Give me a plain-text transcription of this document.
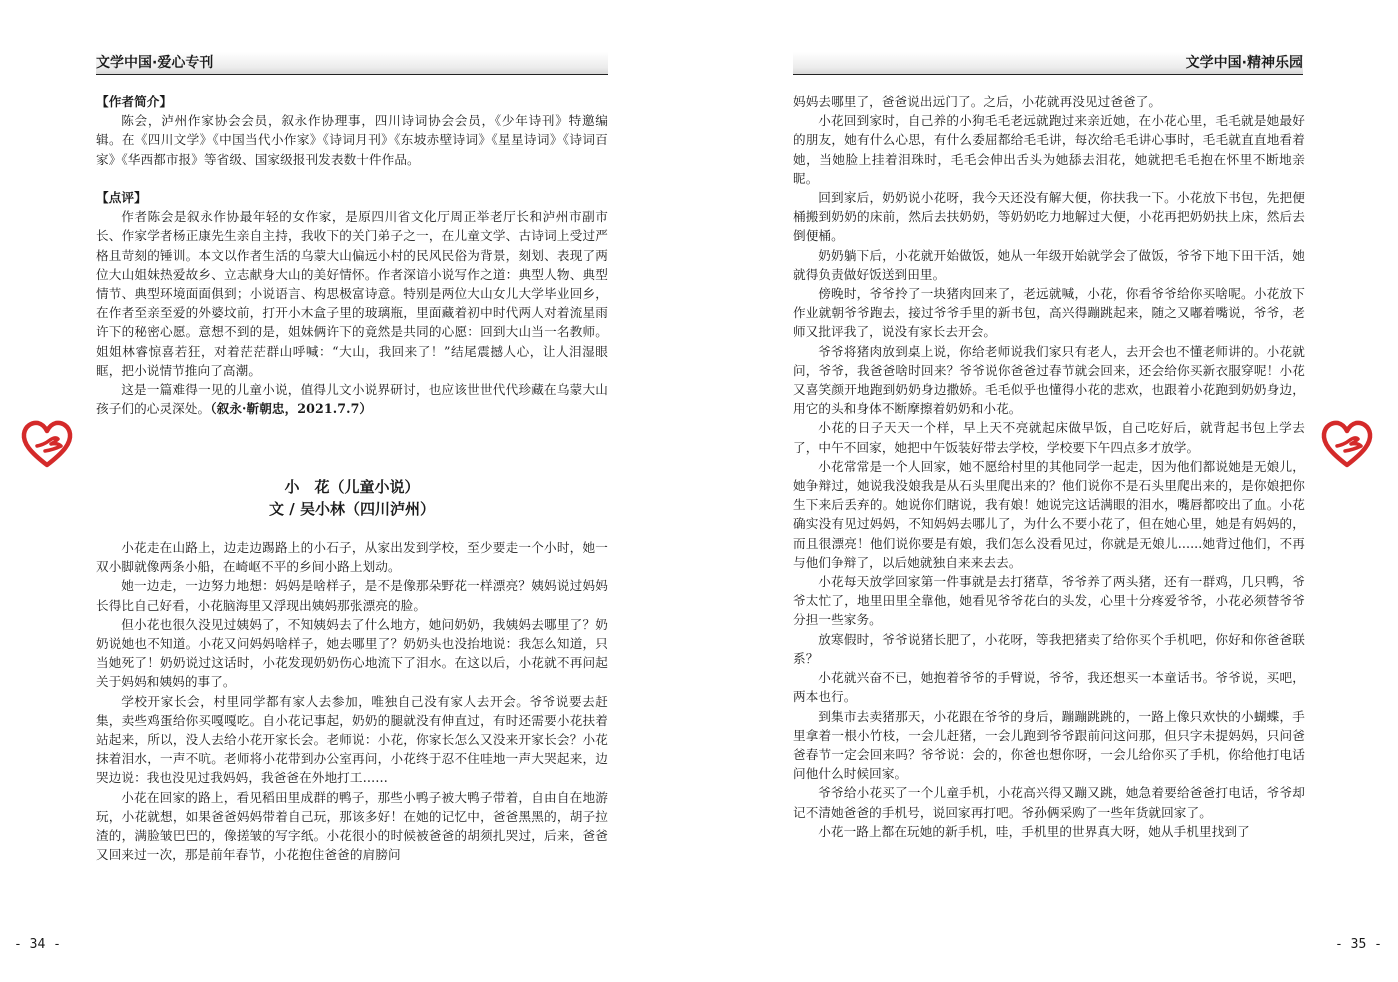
文学中国·爱心专刊

【作者简介】

陈会，泸州作家协会会员，叙永作协理事，四川诗词协会会员，《少年诗刊》特邀编辑。在《四川文学》《中国当代小作家》《诗词月刊》《东坡赤壁诗词》《星星诗词》《诗词百家》《华西都市报》等省级、国家级报刊发表数十件作品。

【点评】

作者陈会是叙永作协最年轻的女作家，是原四川省文化厅周正举老厅长和泸州市副市长、作家学者杨正康先生亲自主持，我收下的关门弟子之一，在儿童文学、古诗词上受过严格且苛刻的锤训。本文以作者生活的乌蒙大山偏远小村的民风民俗为背景，刻划、表现了两位大山姐妹热爱故乡、立志献身大山的美好情怀。作者深谙小说写作之道：典型人物、典型情节、典型环境面面俱到；小说语言、构思极富诗意。特别是两位大山女儿大学毕业回乡，在作者至亲至爱的外婆坟前，打开小木盒子里的玻璃瓶，里面藏着初中时代两人对着流星雨许下的秘密心愿。意想不到的是，姐妹俩许下的竟然是共同的心愿：回到大山当一名教师。姐姐林睿惊喜若狂，对着茫茫群山呼喊：“大山，我回来了！”结尾震撼人心，让人泪湿眼眶，把小说情节推向了高潮。

这是一篇难得一见的儿童小说，值得儿文小说界研讨，也应该世世代代珍藏在乌蒙大山孩子们的心灵深处。（叙永·靳朝忠，2021.7.7）

小　花（儿童小说）
文 / 吴小林（四川泸州）

小花走在山路上，边走边踢路上的小石子，从家出发到学校，至少要走一个小时，她一双小脚就像两条小船，在崎岖不平的乡间小路上划动。

她一边走，一边努力地想：妈妈是啥样子，是不是像那朵野花一样漂亮？姨妈说过妈妈长得比自己好看，小花脑海里又浮现出姨妈那张漂亮的脸。

但小花也很久没见过姨妈了，不知姨妈去了什么地方，她问奶奶，我姨妈去哪里了？奶奶说她也不知道。小花又问妈妈啥样子，她去哪里了？奶奶头也没抬地说：我怎么知道，只当她死了！奶奶说过这话时，小花发现奶奶伤心地流下了泪水。在这以后，小花就不再问起关于妈妈和姨妈的事了。

学校开家长会，村里同学都有家人去参加，唯独自己没有家人去开会。爷爷说要去赶集，卖些鸡蛋给你买嘎嘎吃。自小花记事起，奶奶的腿就没有伸直过，有时还需要小花扶着站起来，所以，没人去给小花开家长会。老师说：小花，你家长怎么又没来开家长会？小花抹着泪水，一声不吭。老师将小花带到办公室再问，小花终于忍不住哇地一声大哭起来，边哭边说：我也没见过我妈妈，我爸爸在外地打工……

小花在回家的路上，看见稻田里成群的鸭子，那些小鸭子被大鸭子带着，自由自在地游玩，小花就想，如果爸爸妈妈带着自己玩，那该多好！在她的记忆中，爸爸黑黑的，胡子拉渣的，满脸皱巴巴的，像搓皱的写字纸。小花很小的时候被爸爸的胡须扎哭过，后来，爸爸又回来过一次，那是前年春节，小花抱住爸爸的肩膀问

- 34 -
文学中国·精神乐园

妈妈去哪里了，爸爸说出远门了。之后，小花就再没见过爸爸了。

小花回到家时，自己养的小狗毛毛老远就跑过来亲近她，在小花心里，毛毛就是她最好的朋友，她有什么心思，有什么委屈都给毛毛讲，每次给毛毛讲心事时，毛毛就直直地看着她，当她脸上挂着泪珠时，毛毛会伸出舌头为她舔去泪花，她就把毛毛抱在怀里不断地亲昵。

回到家后，奶奶说小花呀，我今天还没有解大便，你扶我一下。小花放下书包，先把便桶搬到奶奶的床前，然后去扶奶奶，等奶奶吃力地解过大便，小花再把奶奶扶上床，然后去倒便桶。

奶奶躺下后，小花就开始做饭，她从一年级开始就学会了做饭，爷爷下地下田干活，她就得负责做好饭送到田里。

傍晚时，爷爷拎了一块猪肉回来了，老远就喊，小花，你看爷爷给你买啥呢。小花放下作业就朝爷爷跑去，接过爷爷手里的新书包，高兴得蹦跳起来，随之又嘟着嘴说，爷爷，老师又批评我了，说没有家长去开会。

爷爷将猪肉放到桌上说，你给老师说我们家只有老人，去开会也不懂老师讲的。小花就问，爷爷，我爸爸啥时回来？爷爷说你爸爸过春节就会回来，还会给你买新衣服穿呢！小花又喜笑颜开地跑到奶奶身边撒娇。毛毛似乎也懂得小花的悲欢，也跟着小花跑到奶奶身边，用它的头和身体不断摩擦着奶奶和小花。

小花的日子天天一个样，早上天不亮就起床做早饭，自己吃好后，就背起书包上学去了，中午不回家，她把中午饭装好带去学校，学校要下午四点多才放学。

小花常常是一个人回家，她不愿给村里的其他同学一起走，因为他们都说她是无娘儿，她争辩过，她说我没娘我是从石头里爬出来的？他们说你不是石头里爬出来的，是你娘把你生下来后丢弃的。她说你们瞎说，我有娘！她说完这话满眼的泪水，嘴唇都咬出了血。小花确实没有见过妈妈，不知妈妈去哪儿了，为什么不要小花了，但在她心里，她是有妈妈的，而且很漂亮！他们说你要是有娘，我们怎么没看见过，你就是无娘儿......她背过他们，不再与他们争辩了，以后她就独自来来去去。

小花每天放学回家第一件事就是去打猪草，爷爷养了两头猪，还有一群鸡，几只鸭，爷爷太忙了，地里田里全靠他，她看见爷爷花白的头发，心里十分疼爱爷爷，小花必须替爷爷分担一些家务。

放寒假时，爷爷说猪长肥了，小花呀，等我把猪卖了给你买个手机吧，你好和你爸爸联系？

小花就兴奋不已，她抱着爷爷的手臂说，爷爷，我还想买一本童话书。爷爷说，买吧，两本也行。

到集市去卖猪那天，小花跟在爷爷的身后，蹦蹦跳跳的，一路上像只欢快的小蝴蝶，手里拿着一根小竹枝，一会儿赶猪，一会儿跑到爷爷跟前问这问那，但只字未提妈妈，只问爸爸春节一定会回来吗？爷爷说：会的，你爸也想你呀，一会儿给你买了手机，你给他打电话问他什么时候回家。

爷爷给小花买了一个儿童手机，小花高兴得又蹦又跳，她急着要给爸爸打电话，爷爷却记不清她爸爸的手机号，说回家再打吧。爷孙俩采购了一些年货就回家了。

小花一路上都在玩她的新手机，哇，手机里的世界真大呀，她从手机里找到了

- 35 -
